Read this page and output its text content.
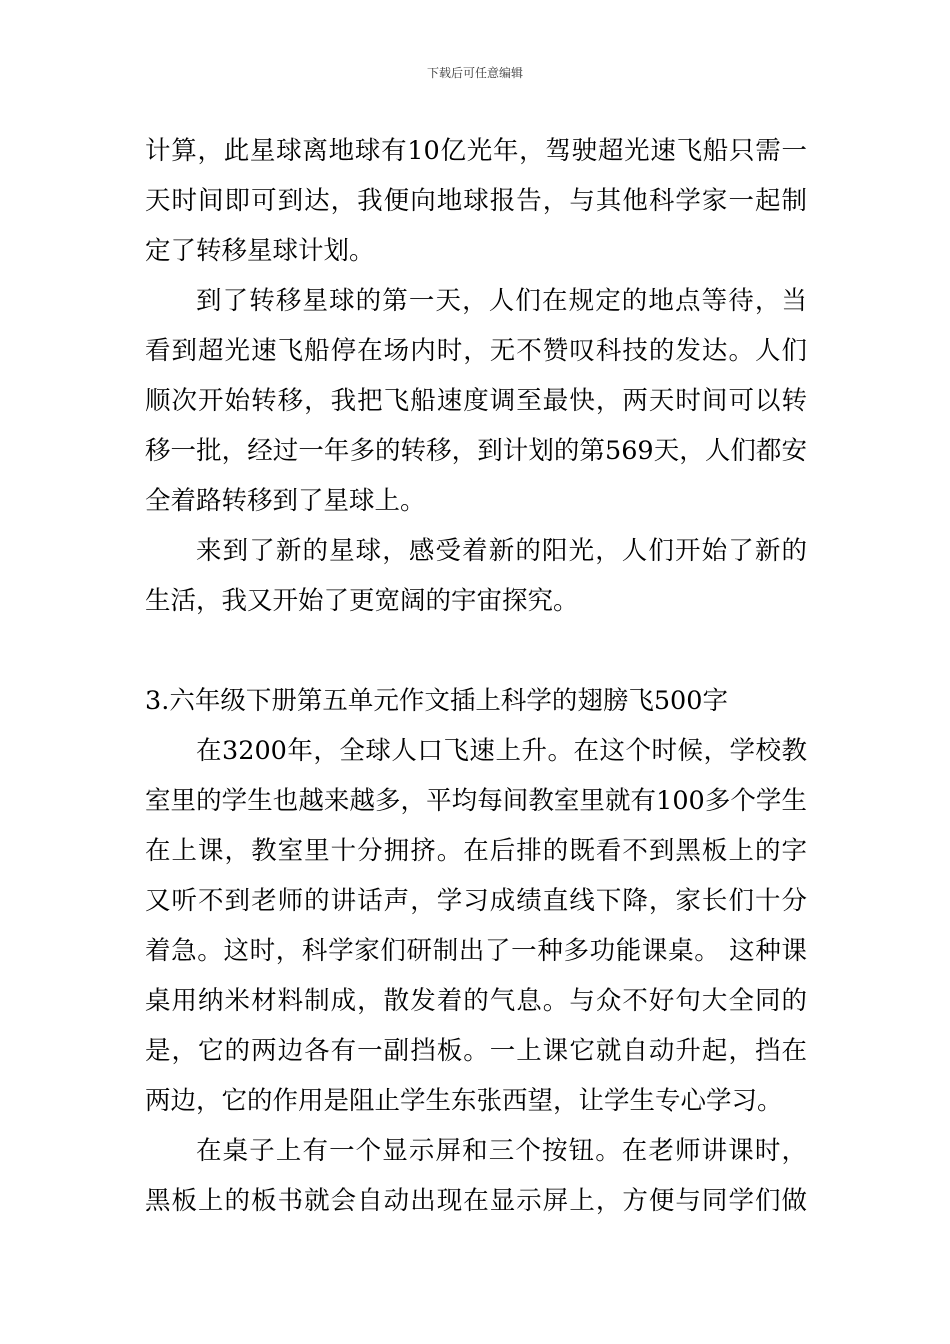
下载后可任意编辑
计算，此星球离地球有10亿光年，驾驶超光速飞船只需一
天时间即可到达，我便向地球报告，与其他科学家一起制
定了转移星球计划。
到了转移星球的第一天，人们在规定的地点等待，当
看到超光速飞船停在场内时，无不赞叹科技的发达。人们
顺次开始转移，我把飞船速度调至最快，两天时间可以转
移一批，经过一年多的转移，到计划的第569天，人们都安
全着路转移到了星球上。
来到了新的星球，感受着新的阳光，人们开始了新的
生活，我又开始了更宽阔的宇宙探究。
3.六年级下册第五单元作文插上科学的翅膀飞500字
在3200年，全球人口飞速上升。在这个时候，学校教
室里的学生也越来越多，平均每间教室里就有100多个学生
在上课，教室里十分拥挤。在后排的既看不到黑板上的字
又听不到老师的讲话声，学习成绩直线下降，家长们十分
着急。这时，科学家们研制出了一种多功能课桌。 这种课
桌用纳米材料制成，散发着的气息。与众不好句大全同的
是，它的两边各有一副挡板。一上课它就自动升起，挡在
两边，它的作用是阻止学生东张西望，让学生专心学习。
在桌子上有一个显示屏和三个按钮。在老师讲课时，
黑板上的板书就会自动出现在显示屏上，方便与同学们做
